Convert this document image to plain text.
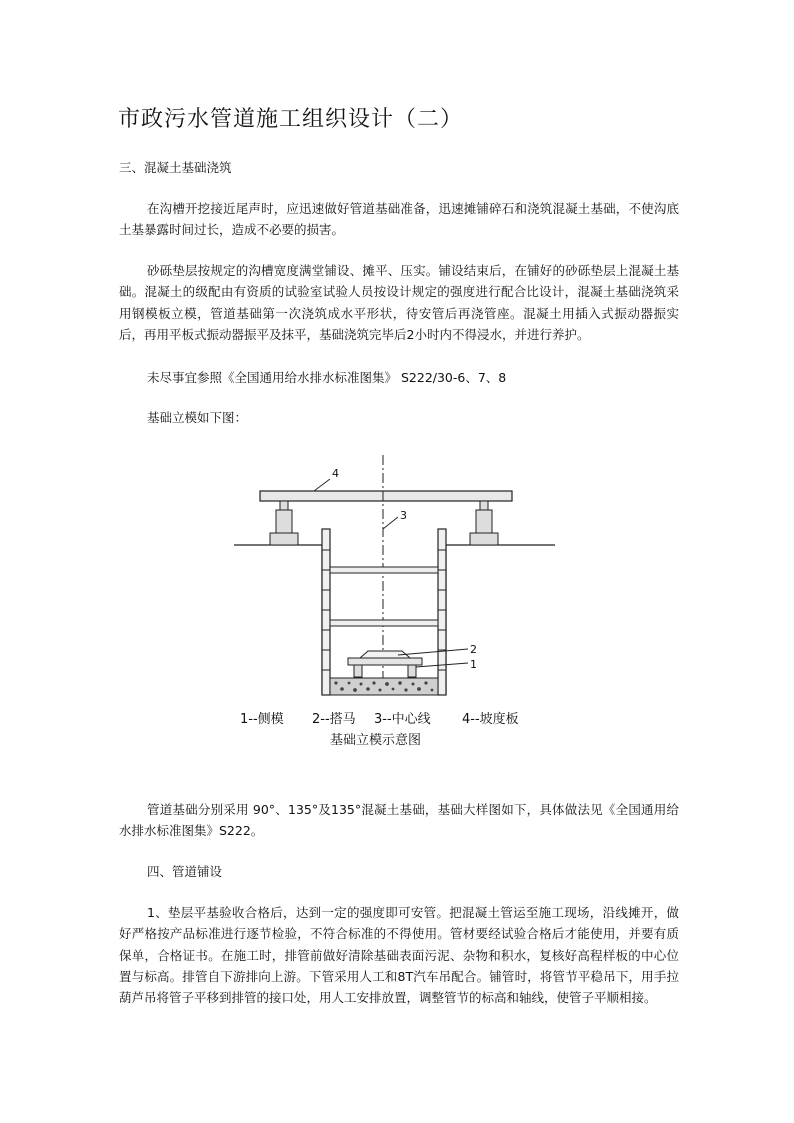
市政污水管道施工组织设计（二）

三、混凝土基础浇筑

在沟槽开挖接近尾声时，应迅速做好管道基础准备，迅速摊铺碎石和浇筑混凝土基础，不使沟底土基暴露时间过长，造成不必要的损害。

砂砾垫层按规定的沟槽宽度满堂铺设、摊平、压实。铺设结束后，在铺好的砂砾垫层上混凝土基础。混凝土的级配由有资质的试验室试验人员按设计规定的强度进行配合比设计，混凝土基础浇筑采用钢模板立模，管道基础第一次浇筑成水平形状，待安管后再浇管座。混凝土用插入式振动器振实后，再用平板式振动器振平及抹平，基础浇筑完毕后2小时内不得浸水，并进行养护。

未尽事宜参照《全国通用给水排水标准图集》 S222/30-6、7、8

基础立模如下图：

4
3
2
1
1--侧模 2--搭马 3--中心线 4--坡度板
基础立模示意图

管道基础分别采用 90°、135°及135°混凝土基础，基础大样图如下，具体做法见《全国通用给水排水标准图集》S222。

四、管道铺设

1、垫层平基验收合格后，达到一定的强度即可安管。把混凝土管运至施工现场，沿线摊开，做好严格按产品标准进行逐节检验，不符合标准的不得使用。管材要经试验合格后才能使用，并要有质保单，合格证书。在施工时，排管前做好清除基础表面污泥、杂物和积水，复核好高程样板的中心位置与标高。排管自下游排向上游。下管采用人工和8T汽车吊配合。铺管时，将管节平稳吊下，用手拉葫芦吊将管子平移到排管的接口处，用人工安排放置，调整管节的标高和轴线，使管子平顺相接。
